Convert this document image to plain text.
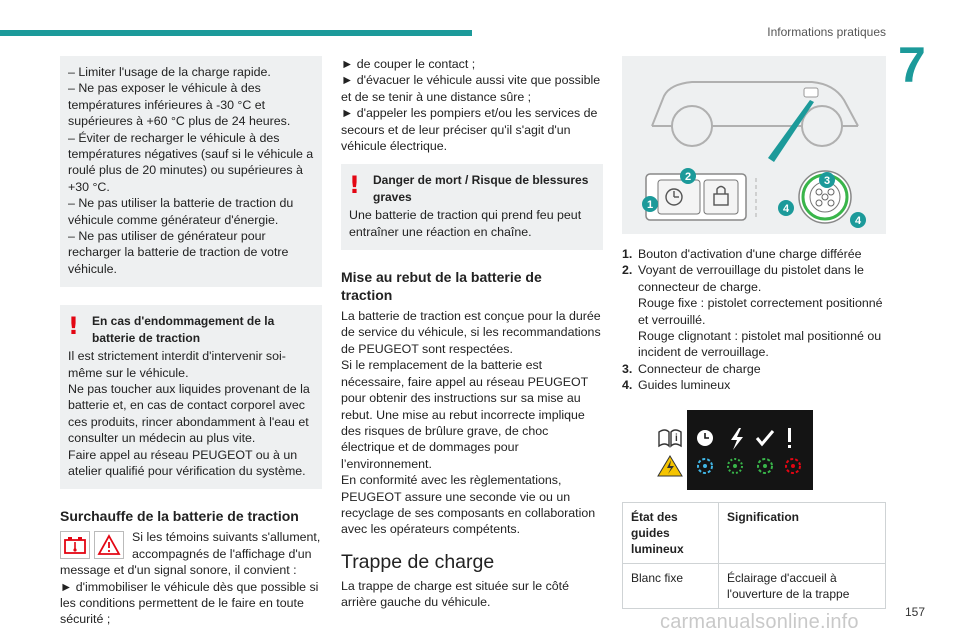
Informations pratiques
7

– Limiter l'usage de la charge rapide.
– Ne pas exposer le véhicule à des températures inférieures à -30 °C et supérieures à +60 °C plus de 24 heures.
– Éviter de recharger le véhicule à des températures négatives (sauf si le véhicule a roulé plus de 20 minutes) ou supérieures à +30 °C.
– Ne pas utiliser la batterie de traction du véhicule comme générateur d'énergie.
– Ne pas utiliser de générateur pour recharger la batterie de traction de votre véhicule.

! En cas d'endommagement de la
batterie de traction
Il est strictement interdit d'intervenir soi-même sur le véhicule.
Ne pas toucher aux liquides provenant de la batterie et, en cas de contact corporel avec ces produits, rincer abondamment à l'eau et consulter un médecin au plus vite.
Faire appel au réseau PEUGEOT ou à un atelier qualifié pour vérification du système.
Surchauffe de la batterie de traction

Si les témoins suivants s'allument, accompagnés de l'affichage d'un message et d'un signal sonore, il convient :

► d'immobiliser le véhicule dès que possible si les conditions permettent de le faire en toute sécurité ;

► de couper le contact ;
► d'évacuer le véhicule aussi vite que possible et de se tenir à une distance sûre ;
► d'appeler les pompiers et/ou les services de secours et de leur préciser qu'il s'agit d'un véhicule électrique.

! Danger de mort / Risque de blessures
graves
Une batterie de traction qui prend feu peut entraîner une réaction en chaîne.
Mise au rebut de la batterie de
traction

La batterie de traction est conçue pour la durée de service du véhicule, si les recommandations de PEUGEOT sont respectées.
Si le remplacement de la batterie est nécessaire, faire appel au réseau PEUGEOT pour obtenir des instructions sur sa mise au rebut. Une mise au rebut incorrecte implique des risques de brûlure grave, de choc électrique et de dommages pour l’environnement.
En conformité avec les règlementations, PEUGEOT assure une seconde vie ou un recyclage de ses composants en collaboration avec les opérateurs compétents.

Trappe de charge

La trappe de charge est située sur le côté arrière gauche du véhicule.

1
2	3
4
4
1. Bouton d'activation d'une charge différée
2. Voyant de verrouillage du pistolet dans le connecteur de charge.
Rouge fixe : pistolet correctement positionné et verrouillé.
Rouge clignotant : pistolet mal positionné ou incident de verrouillage.
3. Connecteur de charge
4. Guides lumineux
i
État des
guides
lumineux	Signification
Blanc fixe	Éclairage d'accueil à l'ouverture de la trappe
157
carmanualsonline.info
